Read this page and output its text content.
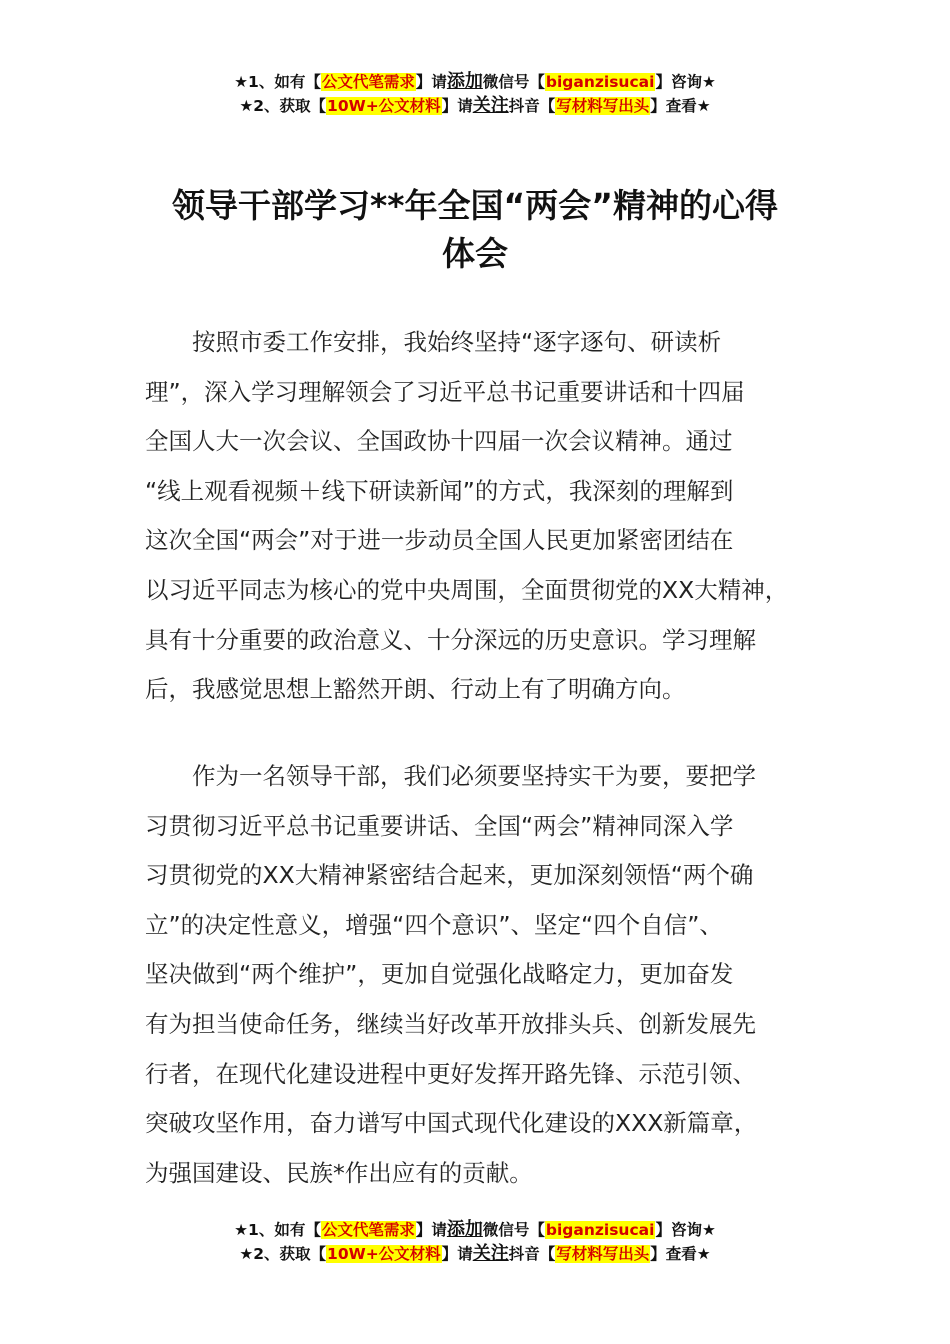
★1、如有【公文代笔需求】请添加微信号【biganzisucai】咨询★
★2、获取【10W+公文材料】请关注抖音【写材料写出头】查看★
领导干部学习**年全国“两会”精神的心得
体会

　　按照市委工作安排，我始终坚持“逐字逐句、研读析
理”，深入学习理解领会了习近平总书记重要讲话和十四届
全国人大一次会议、全国政协十四届一次会议精神。通过
“线上观看视频＋线下研读新闻”的方式，我深刻的理解到
这次全国“两会”对于进一步动员全国人民更加紧密团结在
以习近平同志为核心的党中央周围，全面贯彻党的XX大精神，
具有十分重要的政治意义、十分深远的历史意识。学习理解
后，我感觉思想上豁然开朗、行动上有了明确方向。

　　作为一名领导干部，我们必须要坚持实干为要，要把学
习贯彻习近平总书记重要讲话、全国“两会”精神同深入学
习贯彻党的XX大精神紧密结合起来，更加深刻领悟“两个确
立”的决定性意义，增强“四个意识”、坚定“四个自信”、
坚决做到“两个维护”，更加自觉强化战略定力，更加奋发
有为担当使命任务，继续当好改革开放排头兵、创新发展先
行者，在现代化建设进程中更好发挥开路先锋、示范引领、
突破攻坚作用，奋力谱写中国式现代化建设的XXX新篇章，
为强国建设、民族*作出应有的贡献。

★1、如有【公文代笔需求】请添加微信号【biganzisucai】咨询★
★2、获取【10W+公文材料】请关注抖音【写材料写出头】查看★
